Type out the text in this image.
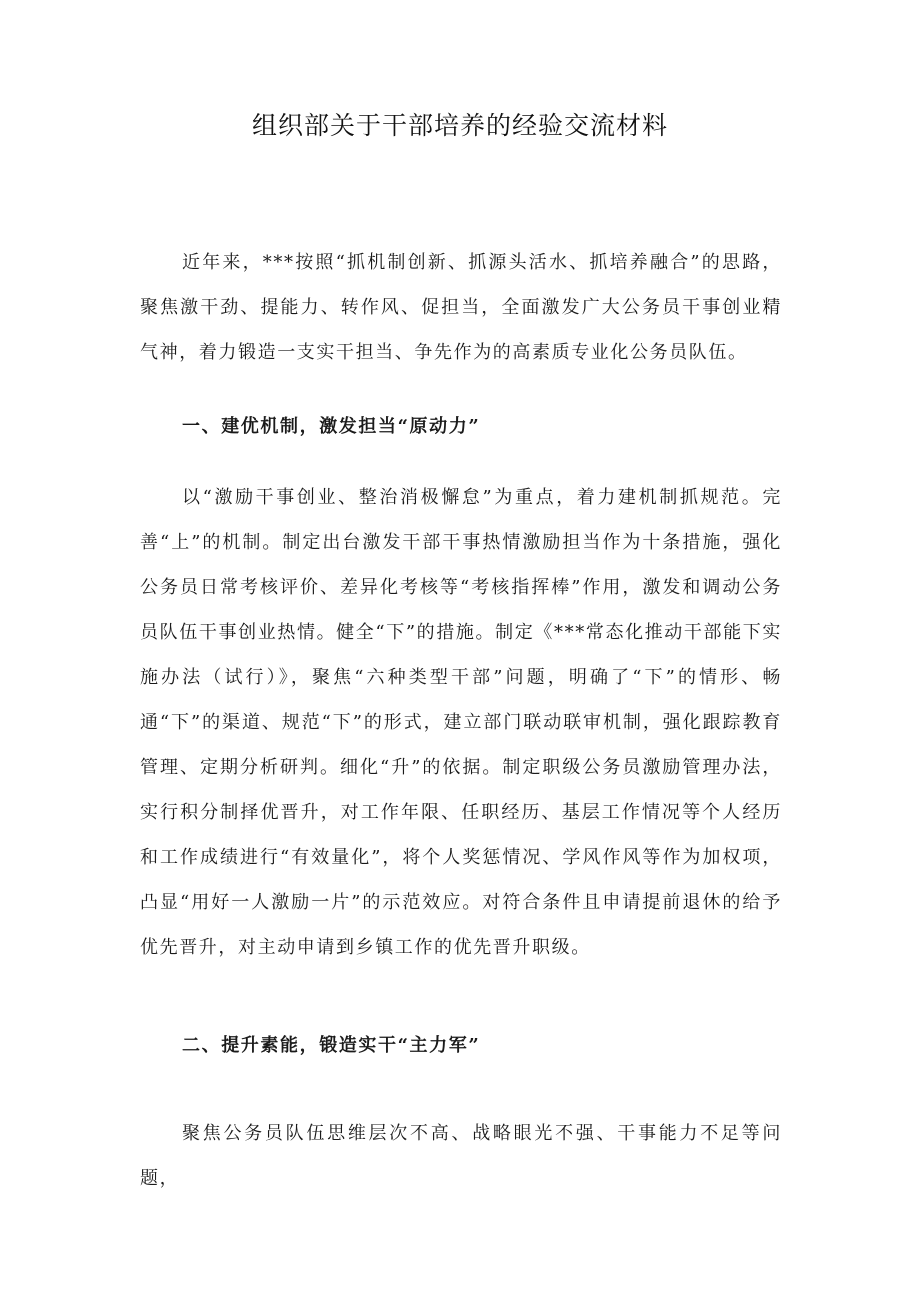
组织部关于干部培养的经验交流材料

近年来，***按照“抓机制创新、抓源头活水、抓培养融合”的思路，聚焦激干劲、提能力、转作风、促担当，全面激发广大公务员干事创业精气神，着力锻造一支实干担当、争先作为的高素质专业化公务员队伍。

一、建优机制，激发担当“原动力”

以“激励干事创业、整治消极懈怠”为重点，着力建机制抓规范。完善“上”的机制。制定出台激发干部干事热情激励担当作为十条措施，强化公务员日常考核评价、差异化考核等“考核指挥棒”作用，激发和调动公务员队伍干事创业热情。健全“下”的措施。制定《***常态化推动干部能下实施办法（试行）》，聚焦“六种类型干部”问题，明确了“下”的情形、畅通“下”的渠道、规范“下”的形式，建立部门联动联审机制，强化跟踪教育管理、定期分析研判。细化“升”的依据。制定职级公务员激励管理办法，实行积分制择优晋升，对工作年限、任职经历、基层工作情况等个人经历和工作成绩进行“有效量化”，将个人奖惩情况、学风作风等作为加权项，凸显“用好一人激励一片”的示范效应。对符合条件且申请提前退休的给予优先晋升，对主动申请到乡镇工作的优先晋升职级。

二、提升素能，锻造实干“主力军”

聚焦公务员队伍思维层次不高、战略眼光不强、干事能力不足等问题，
